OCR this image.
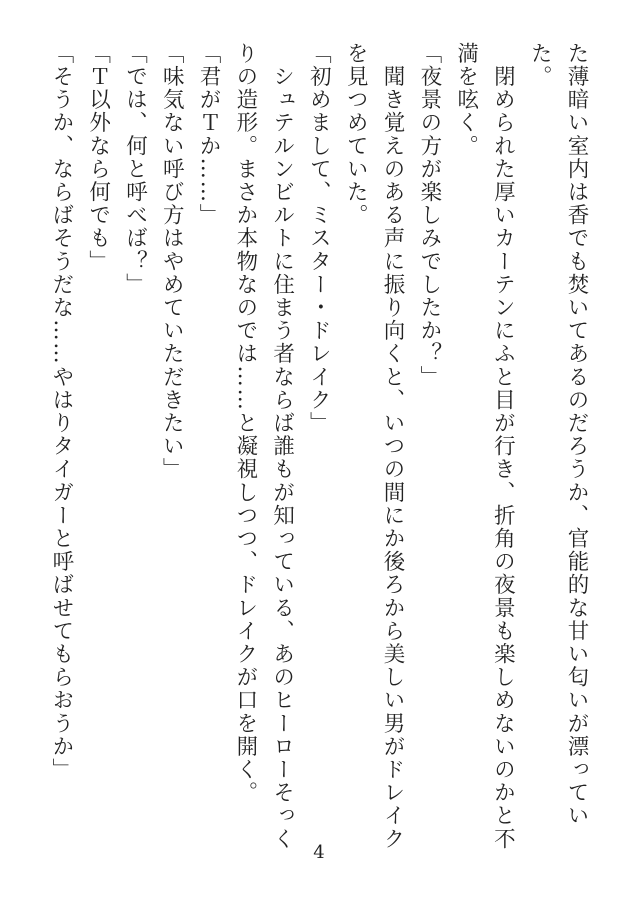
た薄暗い室内は香でも焚いてあるのだろうか、官能的な甘い匂いが漂ってい
た。
　閉められた厚いカーテンにふと目が行き、折角の夜景も楽しめないのかと不
満を呟く。
「夜景の方が楽しみでしたか？」
　聞き覚えのある声に振り向くと、いつの間にか後ろから美しい男がドレイク
を見つめていた。
「初めまして、ミスター・ドレイク」
　シュテルンビルトに住まう者ならば誰もが知っている、あのヒーローそっく
りの造形。まさか本物なのでは……と凝視しつつ、ドレイクが口を開く。
「君がＴか……」
「味気ない呼び方はやめていただきたい」
「では、何と呼べば？」
「Ｔ以外なら何でも」
「そうか、ならばそうだな……やはりタイガーと呼ばせてもらおうか」
4
